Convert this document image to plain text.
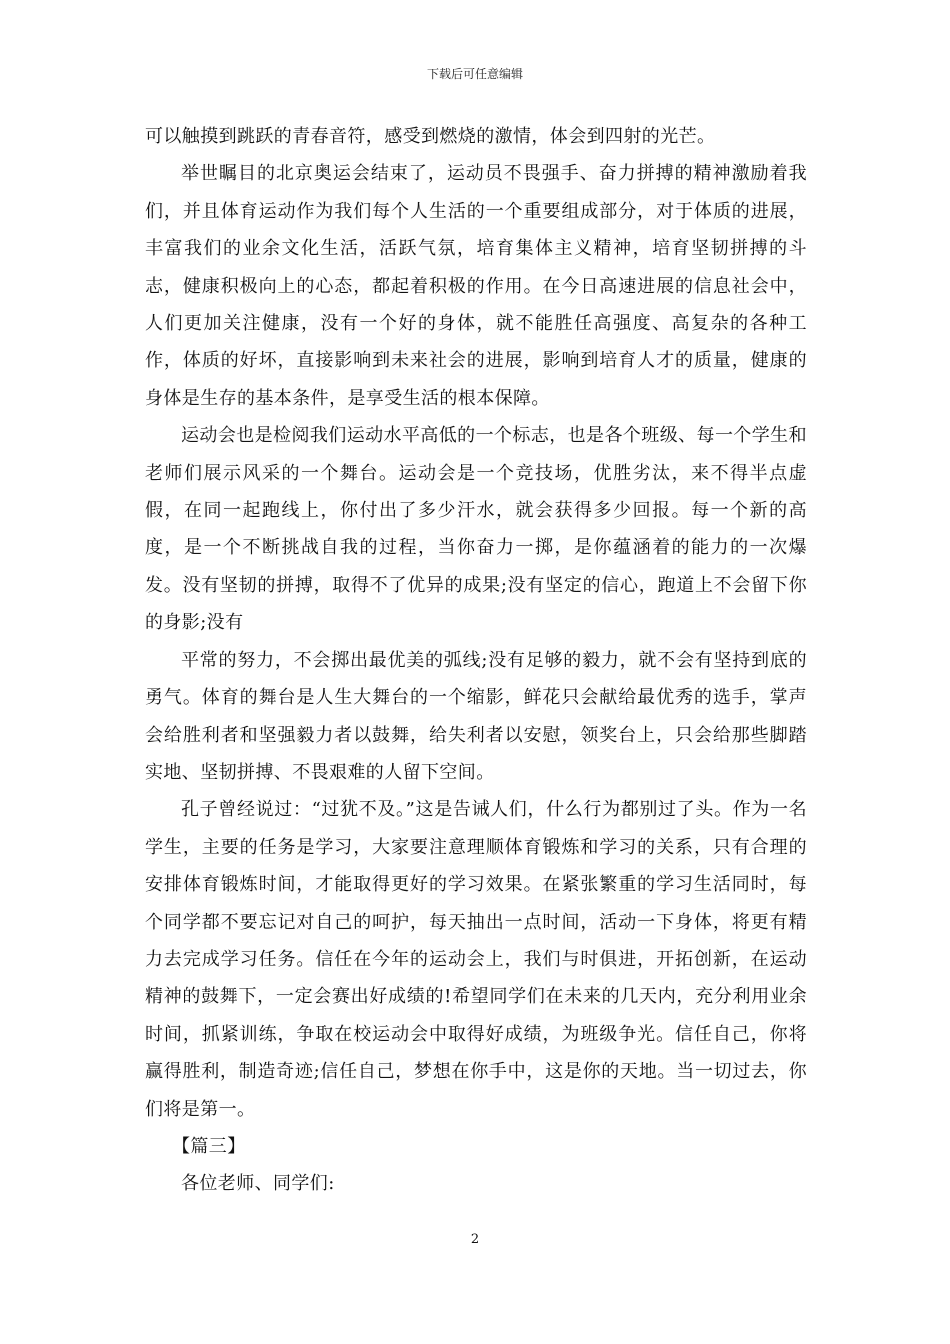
下载后可任意编辑

可以触摸到跳跃的青春音符，感受到燃烧的激情，体会到四射的光芒。

举世瞩目的北京奥运会结束了，运动员不畏强手、奋力拼搏的精神激励着我们，并且体育运动作为我们每个人生活的一个重要组成部分，对于体质的进展，丰富我们的业余文化生活，活跃气氛，培育集体主义精神，培育坚韧拼搏的斗志，健康积极向上的心态，都起着积极的作用。在今日高速进展的信息社会中，人们更加关注健康，没有一个好的身体，就不能胜任高强度、高复杂的各种工作，体质的好坏，直接影响到未来社会的进展，影响到培育人才的质量，健康的身体是生存的基本条件，是享受生活的根本保障。

运动会也是检阅我们运动水平高低的一个标志，也是各个班级、每一个学生和老师们展示风采的一个舞台。运动会是一个竞技场，优胜劣汰，来不得半点虚假，在同一起跑线上，你付出了多少汗水，就会获得多少回报。每一个新的高度，是一个不断挑战自我的过程，当你奋力一掷，是你蕴涵着的能力的一次爆发。没有坚韧的拼搏，取得不了优异的成果;没有坚定的信心，跑道上不会留下你的身影;没有

平常的努力，不会掷出最优美的弧线;没有足够的毅力，就不会有坚持到底的勇气。体育的舞台是人生大舞台的一个缩影，鲜花只会献给最优秀的选手，掌声会给胜利者和坚强毅力者以鼓舞，给失利者以安慰，领奖台上，只会给那些脚踏实地、坚韧拼搏、不畏艰难的人留下空间。

孔子曾经说过：“过犹不及。”这是告诫人们，什么行为都别过了头。作为一名学生，主要的任务是学习，大家要注意理顺体育锻炼和学习的关系，只有合理的安排体育锻炼时间，才能取得更好的学习效果。在紧张繁重的学习生活同时，每个同学都不要忘记对自己的呵护，每天抽出一点时间，活动一下身体，将更有精力去完成学习任务。信任在今年的运动会上，我们与时俱进，开拓创新，在运动精神的鼓舞下，一定会赛出好成绩的!希望同学们在未来的几天内，充分利用业余时间，抓紧训练，争取在校运动会中取得好成绩，为班级争光。信任自己，你将赢得胜利，制造奇迹;信任自己，梦想在你手中，这是你的天地。当一切过去，你们将是第一。

【篇三】

各位老师、同学们:

2
